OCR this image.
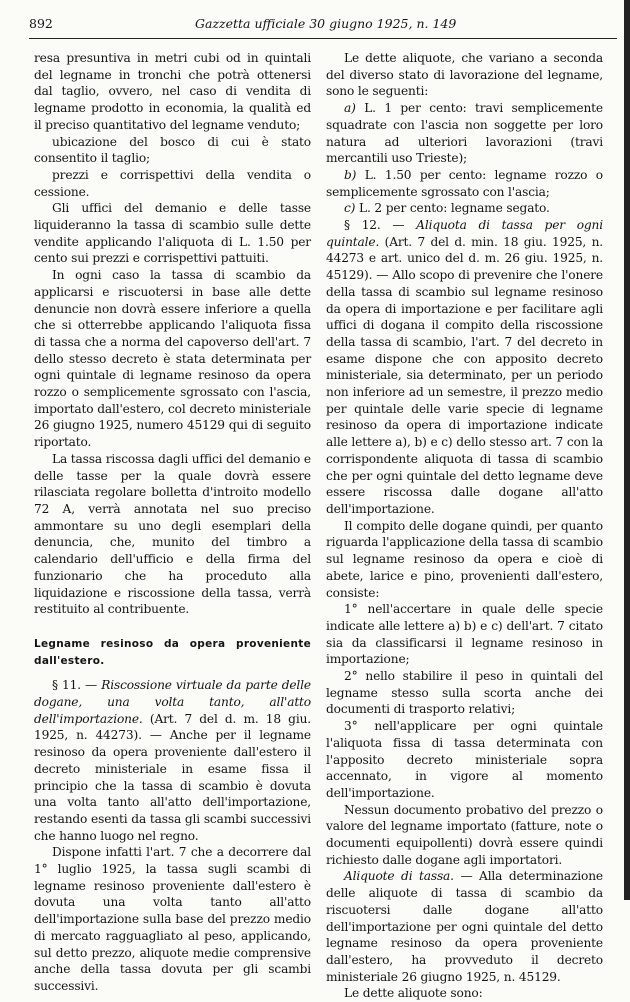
892	Gazzetta ufficiale 30 giugno 1925, n. 149

resa presuntiva in metri cubi od in quintali del legname in tronchi che potrà ottenersi dal taglio, ovvero, nel caso di vendita di legname prodotto in economia, la qualità ed il preciso quantitativo del legname venduto;

ubicazione del bosco di cui è stato consentito il taglio;

prezzi e corrispettivi della vendita o cessione.

Gli uffici del demanio e delle tasse liquideranno la tassa di scambio sulle dette vendite applicando l'aliquota di L. 1.50 per cento sui prezzi e corrispettivi pattuiti.

In ogni caso la tassa di scambio da applicarsi e riscuotersi in base alle dette denuncie non dovrà essere inferiore a quella che si otterrebbe applicando l'aliquota fissa di tassa che a norma del capoverso dell'art. 7 dello stesso decreto è stata determinata per ogni quintale di legname resinoso da opera rozzo o semplicemente sgrossato con l'ascia, importato dall'estero, col decreto ministeriale 26 giugno 1925, numero 45129 qui di seguito riportato.

La tassa riscossa dagli uffici del demanio e delle tasse per la quale dovrà essere rilasciata regolare bolletta d'introito modello 72 A, verrà annotata nel suo preciso ammontare su uno degli esemplari della denuncia, che, munito del timbro a calendario dell'ufficio e della firma del funzionario che ha proceduto alla liquidazione e riscossione della tassa, verrà restituito al contribuente.

Legname resinoso da opera proveniente dall'estero.

§ 11. — Riscossione virtuale da parte delle dogane, una volta tanto, all'atto dell'importazione. (Art. 7 del d. m. 18 giu. 1925, n. 44273). — Anche per il legname resinoso da opera proveniente dall'estero il decreto ministeriale in esame fissa il principio che la tassa di scambio è dovuta una volta tanto all'atto dell'importazione, restando esenti da tassa gli scambi successivi che hanno luogo nel regno.

Dispone infatti l'art. 7 che a decorrere dal 1° luglio 1925, la tassa sugli scambi di legname resinoso proveniente dall'estero è dovuta una volta tanto all'atto dell'importazione sulla base del prezzo medio di mercato ragguagliato al peso, applicando, sul detto prezzo, aliquote medie comprensive anche della tassa dovuta per gli scambi successivi.

Le dette aliquote, che variano a seconda del diverso stato di lavorazione del legname, sono le seguenti:

a) L. 1 per cento: travi semplicemente squadrate con l'ascia non soggette per loro natura ad ulteriori lavorazioni (travi mercantili uso Trieste);

b) L. 1.50 per cento: legname rozzo o semplicemente sgrossato con l'ascia;

c) L. 2 per cento: legname segato.

§ 12. — Aliquota di tassa per ogni quintale. (Art. 7 del d. min. 18 giu. 1925, n. 44273 e art. unico del d. m. 26 giu. 1925, n. 45129). — Allo scopo di prevenire che l'onere della tassa di scambio sul legname resinoso da opera di importazione e per facilitare agli uffici di dogana il compito della riscossione della tassa di scambio, l'art. 7 del decreto in esame dispone che con apposito decreto ministeriale, sia determinato, per un periodo non inferiore ad un semestre, il prezzo medio per quintale delle varie specie di legname resinoso da opera di importazione indicate alle lettere a), b) e c) dello stesso art. 7 con la corrispondente aliquota di tassa di scambio che per ogni quintale del detto legname deve essere riscossa dalle dogane all'atto dell'importazione.

Il compito delle dogane quindi, per quanto riguarda l'applicazione della tassa di scambio sul legname resinoso da opera e cioè di abete, larice e pino, provenienti dall'estero, consiste:

1° nell'accertare in quale delle specie indicate alle lettere a) b) e c) dell'art. 7 citato sia da classificarsi il legname resinoso in importazione;

2° nello stabilire il peso in quintali del legname stesso sulla scorta anche dei documenti di trasporto relativi;

3° nell'applicare per ogni quintale l'aliquota fissa di tassa determinata con l'apposito decreto ministeriale sopra accennato, in vigore al momento dell'importazione.

Nessun documento probativo del prezzo o valore del legname importato (fatture, note o documenti equipollenti) dovrà essere quindi richiesto dalle dogane agli importatori.

Aliquote di tassa. — Alla determinazione delle aliquote di tassa di scambio da riscuotersi dalle dogane all'atto dell'importazione per ogni quintale del detto legname resinoso da opera proveniente dall'estero, ha provveduto il decreto ministeriale 26 giugno 1925, n. 45129.

Le dette aliquote sono:
